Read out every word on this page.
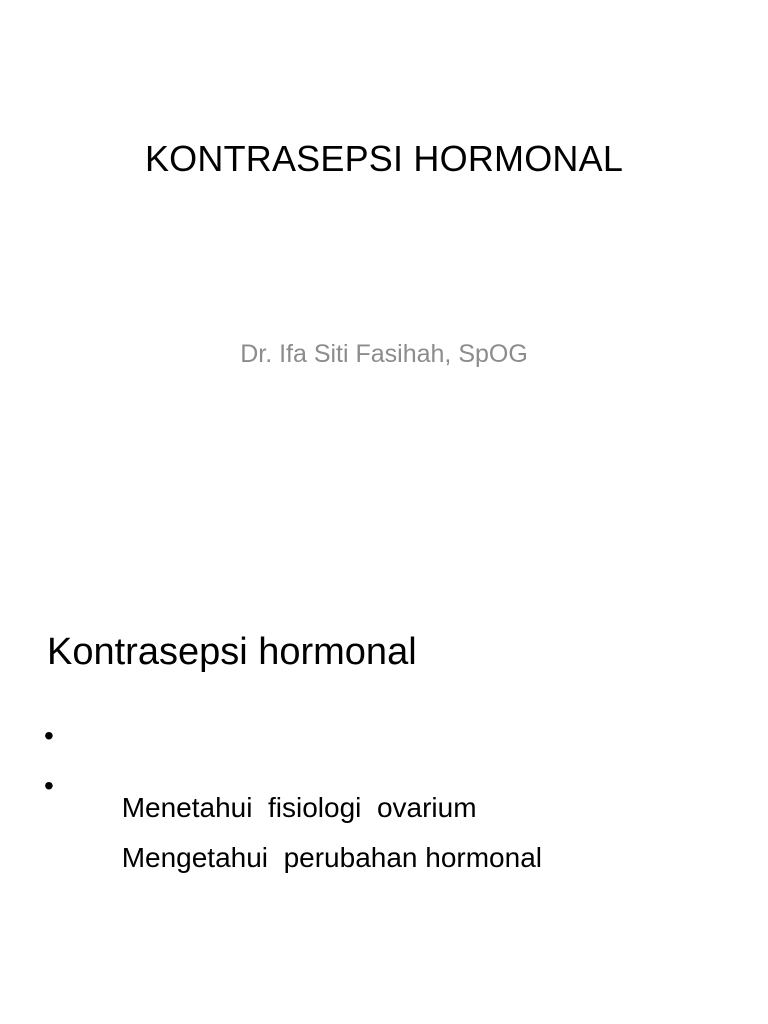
KONTRASEPSI HORMONAL
Dr. Ifa Siti Fasihah, SpOG
Kontrasepsi hormonal

•

Menetahui  fisiologi  ovarium

•

Mengetahui  perubahan hormonal
